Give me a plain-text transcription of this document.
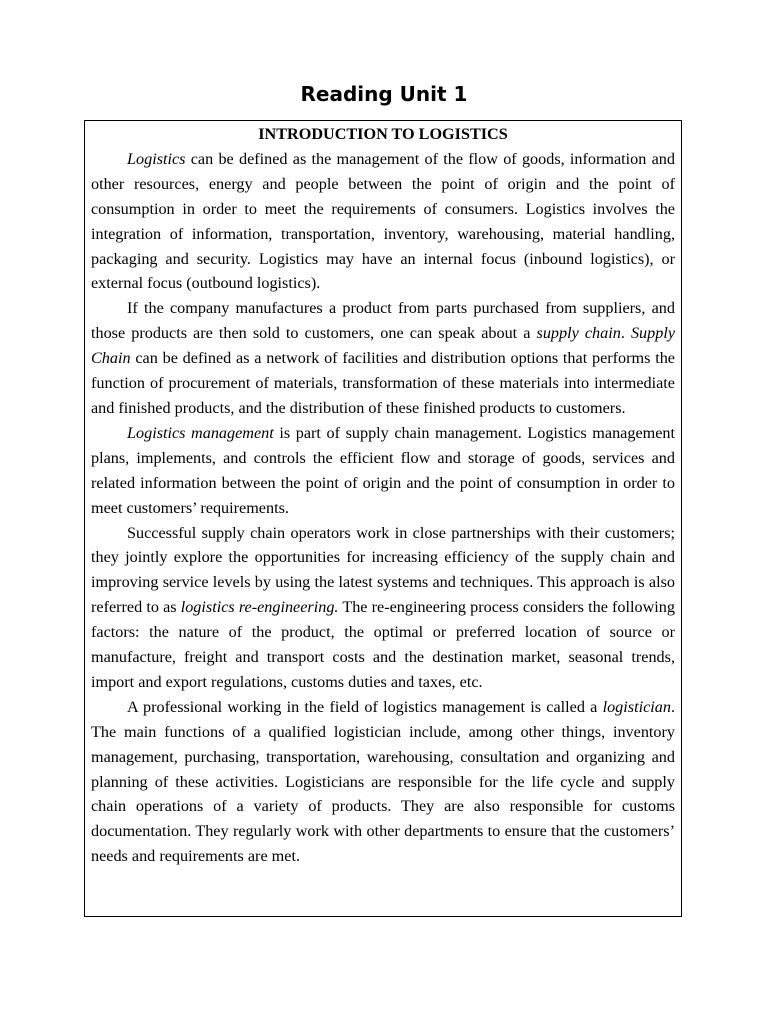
Reading Unit 1

INTRODUCTION TO LOGISTICS

Logistics can be defined as the management of the flow of goods, information and other resources, energy and people between the point of origin and the point of consumption in order to meet the requirements of consumers. Logistics involves the integration of information, transportation, inventory, warehousing, material handling, packaging and security. Logistics may have an internal focus (inbound logistics), or external focus (outbound logistics).

If the company manufactures a product from parts purchased from suppliers, and those products are then sold to customers, one can speak about a supply chain. Supply Chain can be defined as a network of facilities and distribution options that performs the function of procurement of materials, transformation of these materials into intermediate and finished products, and the distribution of these finished products to customers.

Logistics management is part of supply chain management. Logistics management plans, implements, and controls the efficient flow and storage of goods, services and related information between the point of origin and the point of consumption in order to meet customers’ requirements.

Successful supply chain operators work in close partnerships with their customers; they jointly explore the opportunities for increasing efficiency of the supply chain and improving service levels by using the latest systems and techniques. This approach is also referred to as logistics re-engineering. The re-engineering process considers the following factors: the nature of the product, the optimal or preferred location of source or manufacture, freight and transport costs and the destination market, seasonal trends, import and export regulations, customs duties and taxes, etc.

A professional working in the field of logistics management is called a logistician. The main functions of a qualified logistician include, among other things, inventory management, purchasing, transportation, warehousing, consultation and organizing and planning of these activities. Logisticians are responsible for the life cycle and supply chain operations of a variety of products. They are also responsible for customs documentation. They regularly work with other departments to ensure that the customers’ needs and requirements are met.
